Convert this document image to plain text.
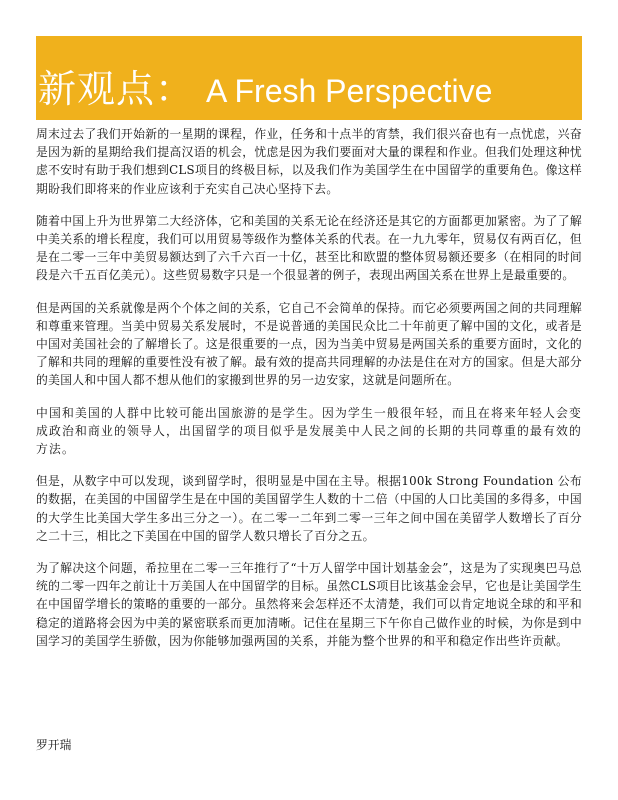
新观点： A Fresh Perspective

周末过去了我们开始新的一星期的课程，作业，任务和十点半的宵禁，我们很兴奋也有一点忧虑，兴奋是因为新的星期给我们提高汉语的机会，忧虑是因为我们要面对大量的课程和作业。但我们处理这种忧虑不安时有助于我们想到CLS项目的终极目标，以及我们作为美国学生在中国留学的重要角色。像这样期盼我们即将来的作业应该利于充实自己决心坚持下去。

随着中国上升为世界第二大经济体，它和美国的关系无论在经济还是其它的方面都更加紧密。为了了解中美关系的增长程度，我们可以用贸易等级作为整体关系的代表。在一九九零年，贸易仅有两百亿，但是在二零一三年中美贸易额达到了六千六百一十亿，甚至比和欧盟的整体贸易额还要多（在相同的时间段是六千五百亿美元）。这些贸易数字只是一个很显著的例子，表现出两国关系在世界上是最重要的。

但是两国的关系就像是两个个体之间的关系，它自己不会简单的保持。而它必须要两国之间的共同理解和尊重来管理。当美中贸易关系发展时，不是说普通的美国民众比二十年前更了解中国的文化，或者是中国对美国社会的了解增长了。这是很重要的一点，因为当美中贸易是两国关系的重要方面时，文化的了解和共同的理解的重要性没有被了解。最有效的提高共同理解的办法是住在对方的国家。但是大部分的美国人和中国人都不想从他们的家搬到世界的另一边安家，这就是问题所在。

中国和美国的人群中比较可能出国旅游的是学生。因为学生一般很年轻，而且在将来年轻人会变成政治和商业的领导人，出国留学的项目似乎是发展美中人民之间的长期的共同尊重的最有效的方法。

但是，从数字中可以发现，谈到留学时，很明显是中国在主导。根据100k Strong Foundation 公布的数据，在美国的中国留学生是在中国的美国留学生人数的十二倍（中国的人口比美国的多得多，中国的大学生比美国大学生多出三分之一）。在二零一二年到二零一三年之间中国在美留学人数增长了百分之二十三，相比之下美国在中国的留学人数只增长了百分之五。

为了解决这个问题，希拉里在二零一三年推行了“十万人留学中国计划基金会”，这是为了实现奥巴马总统的二零一四年之前让十万美国人在中国留学的目标。虽然CLS项目比该基金会早，它也是让美国学生在中国留学增长的策略的重要的一部分。虽然将来会怎样还不太清楚，我们可以肯定地说全球的和平和稳定的道路将会因为中美的紧密联系而更加清晰。记住在星期三下午你自己做作业的时候，为你是到中国学习的美国学生骄傲，因为你能够加强两国的关系，并能为整个世界的和平和稳定作出些许贡献。

罗开瑞
